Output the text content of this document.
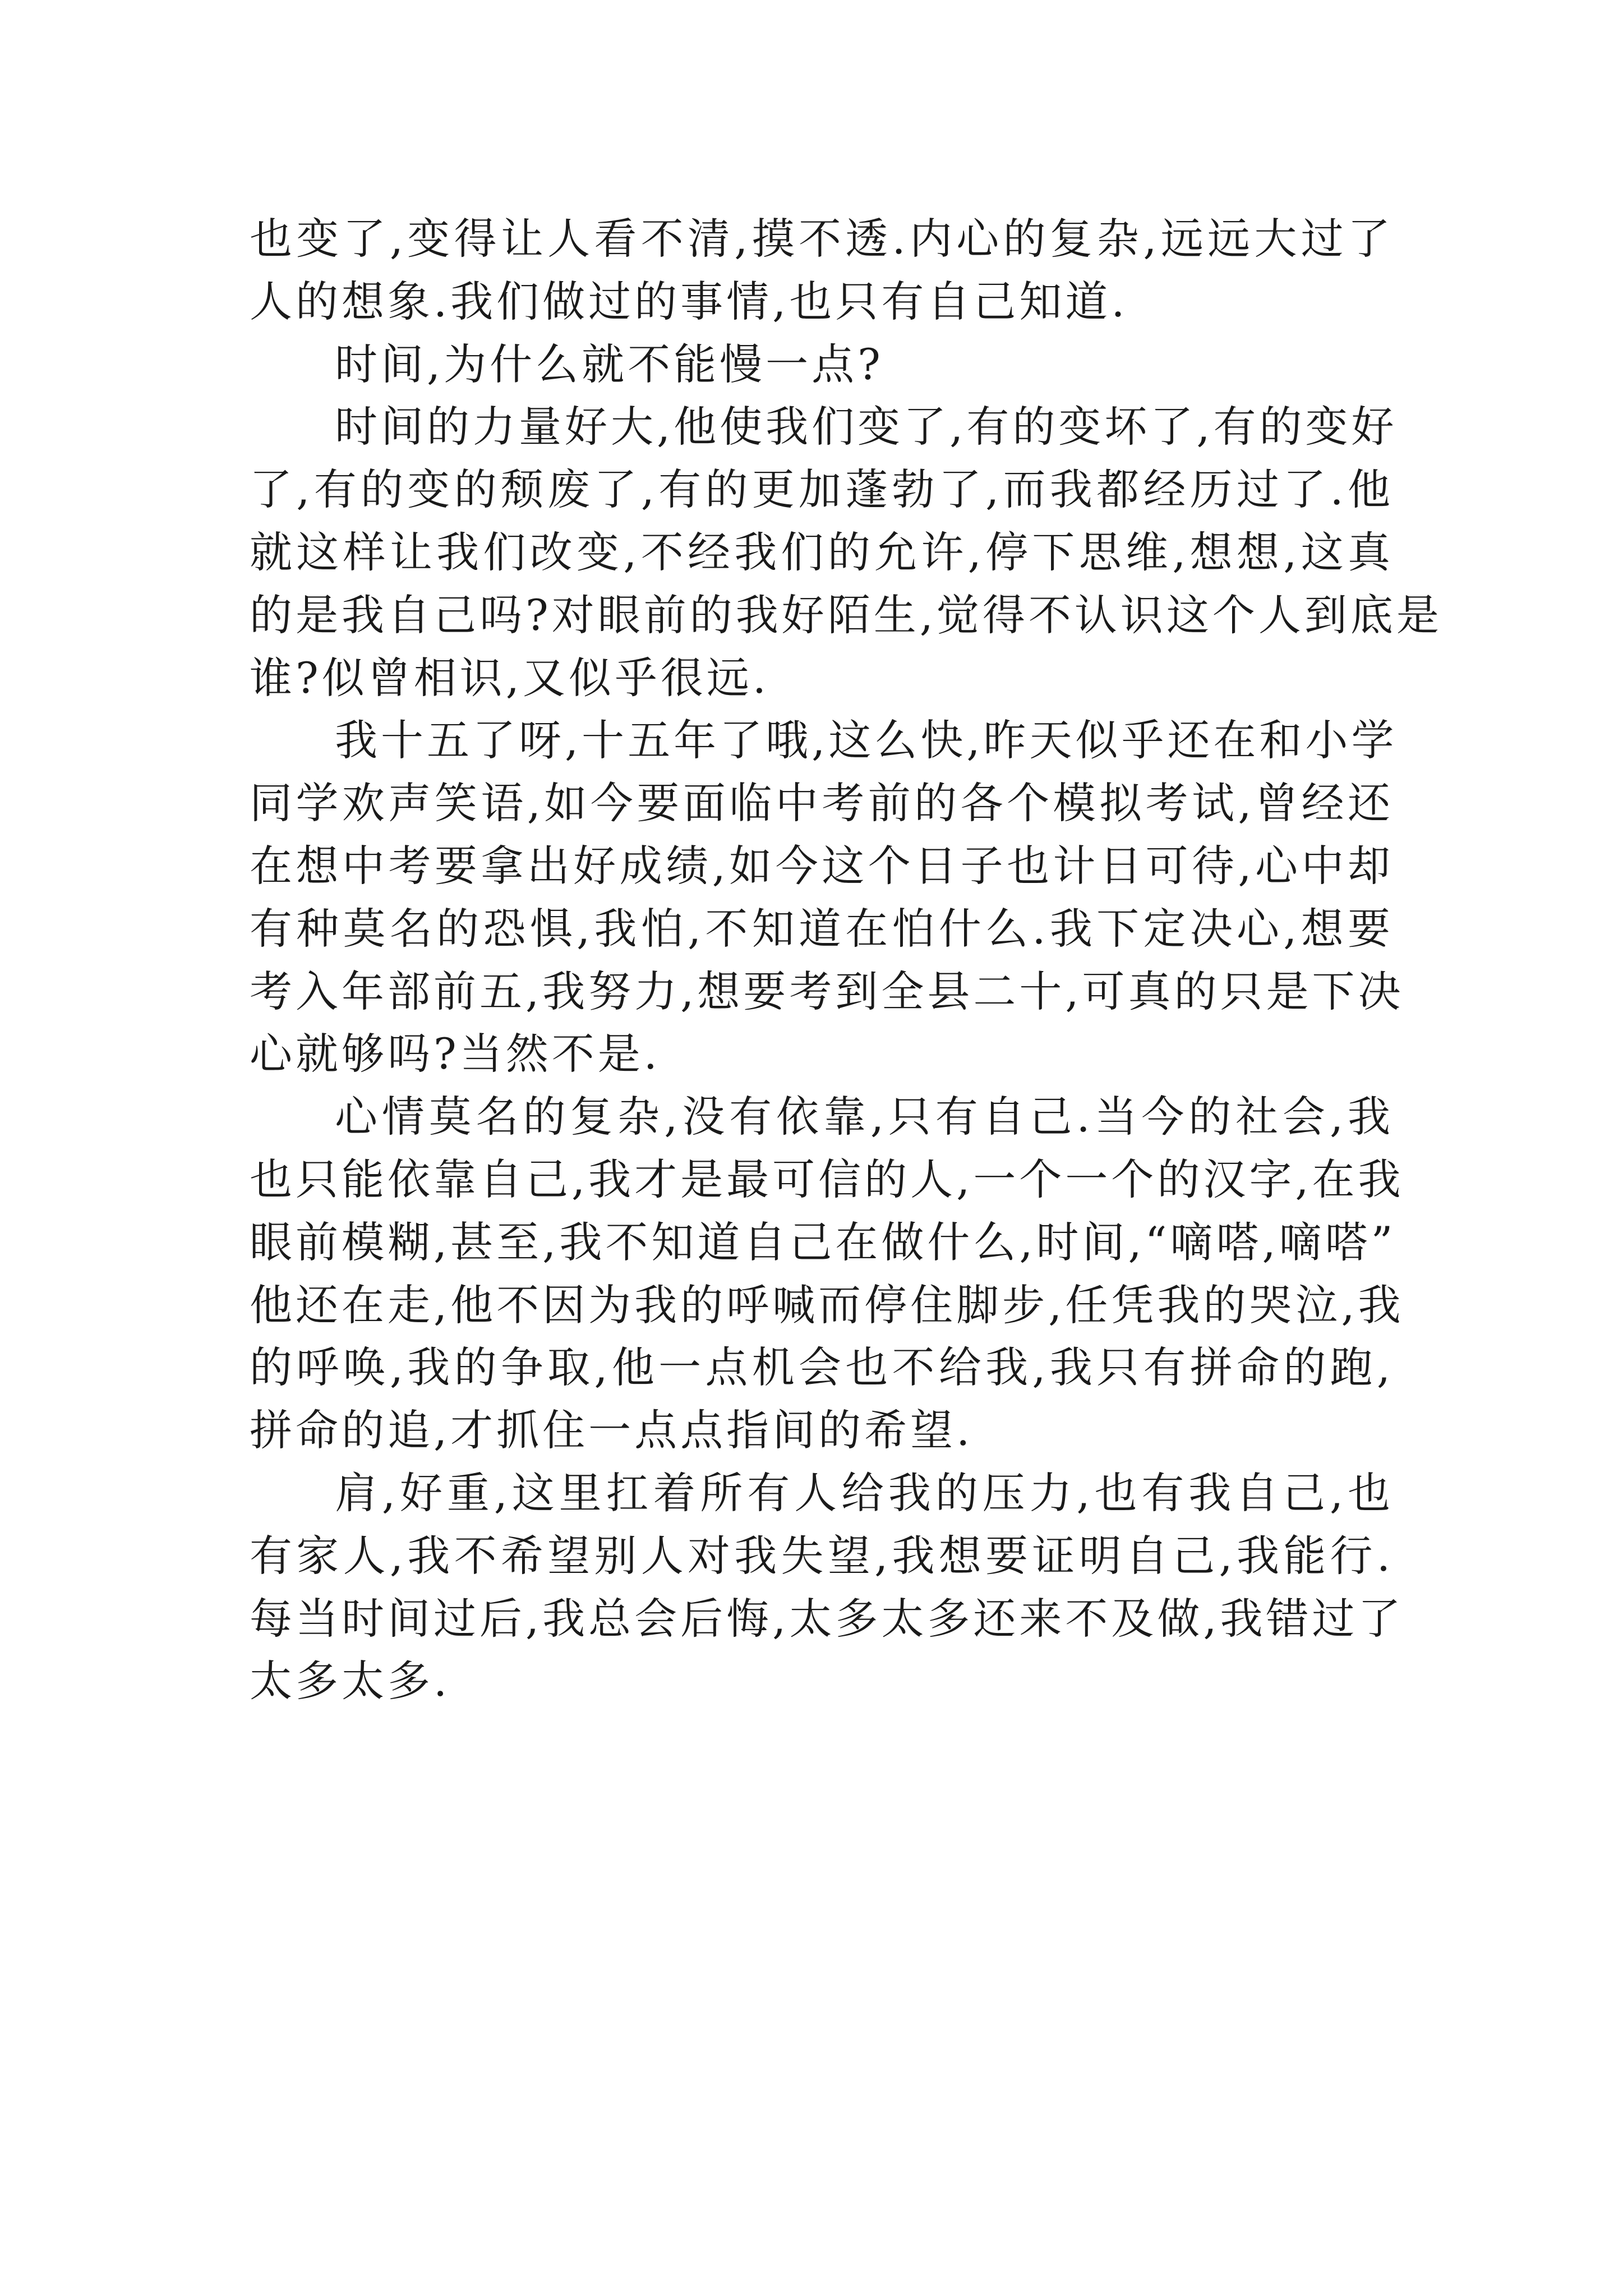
也变了,变得让人看不清,摸不透.内心的复杂,远远大过了
人的想象.我们做过的事情,也只有自己知道.
时间,为什么就不能慢一点?
时间的力量好大,他使我们变了,有的变坏了,有的变好
了,有的变的颓废了,有的更加蓬勃了,而我都经历过了.他
就这样让我们改变,不经我们的允许,停下思维,想想,这真
的是我自己吗?对眼前的我好陌生,觉得不认识这个人到底是
谁?似曾相识,又似乎很远.
我十五了呀,十五年了哦,这么快,昨天似乎还在和小学
同学欢声笑语,如今要面临中考前的各个模拟考试,曾经还
在想中考要拿出好成绩,如今这个日子也计日可待,心中却
有种莫名的恐惧,我怕,不知道在怕什么.我下定决心,想要
考入年部前五,我努力,想要考到全县二十,可真的只是下决
心就够吗?当然不是.
心情莫名的复杂,没有依靠,只有自己.当今的社会,我
也只能依靠自己,我才是最可信的人,一个一个的汉字,在我
眼前模糊,甚至,我不知道自己在做什么,时间,“嘀嗒,嘀嗒”
他还在走,他不因为我的呼喊而停住脚步,任凭我的哭泣,我
的呼唤,我的争取,他一点机会也不给我,我只有拼命的跑,
拼命的追,才抓住一点点指间的希望.
肩,好重,这里扛着所有人给我的压力,也有我自己,也
有家人,我不希望别人对我失望,我想要证明自己,我能行.
每当时间过后,我总会后悔,太多太多还来不及做,我错过了
太多太多.
